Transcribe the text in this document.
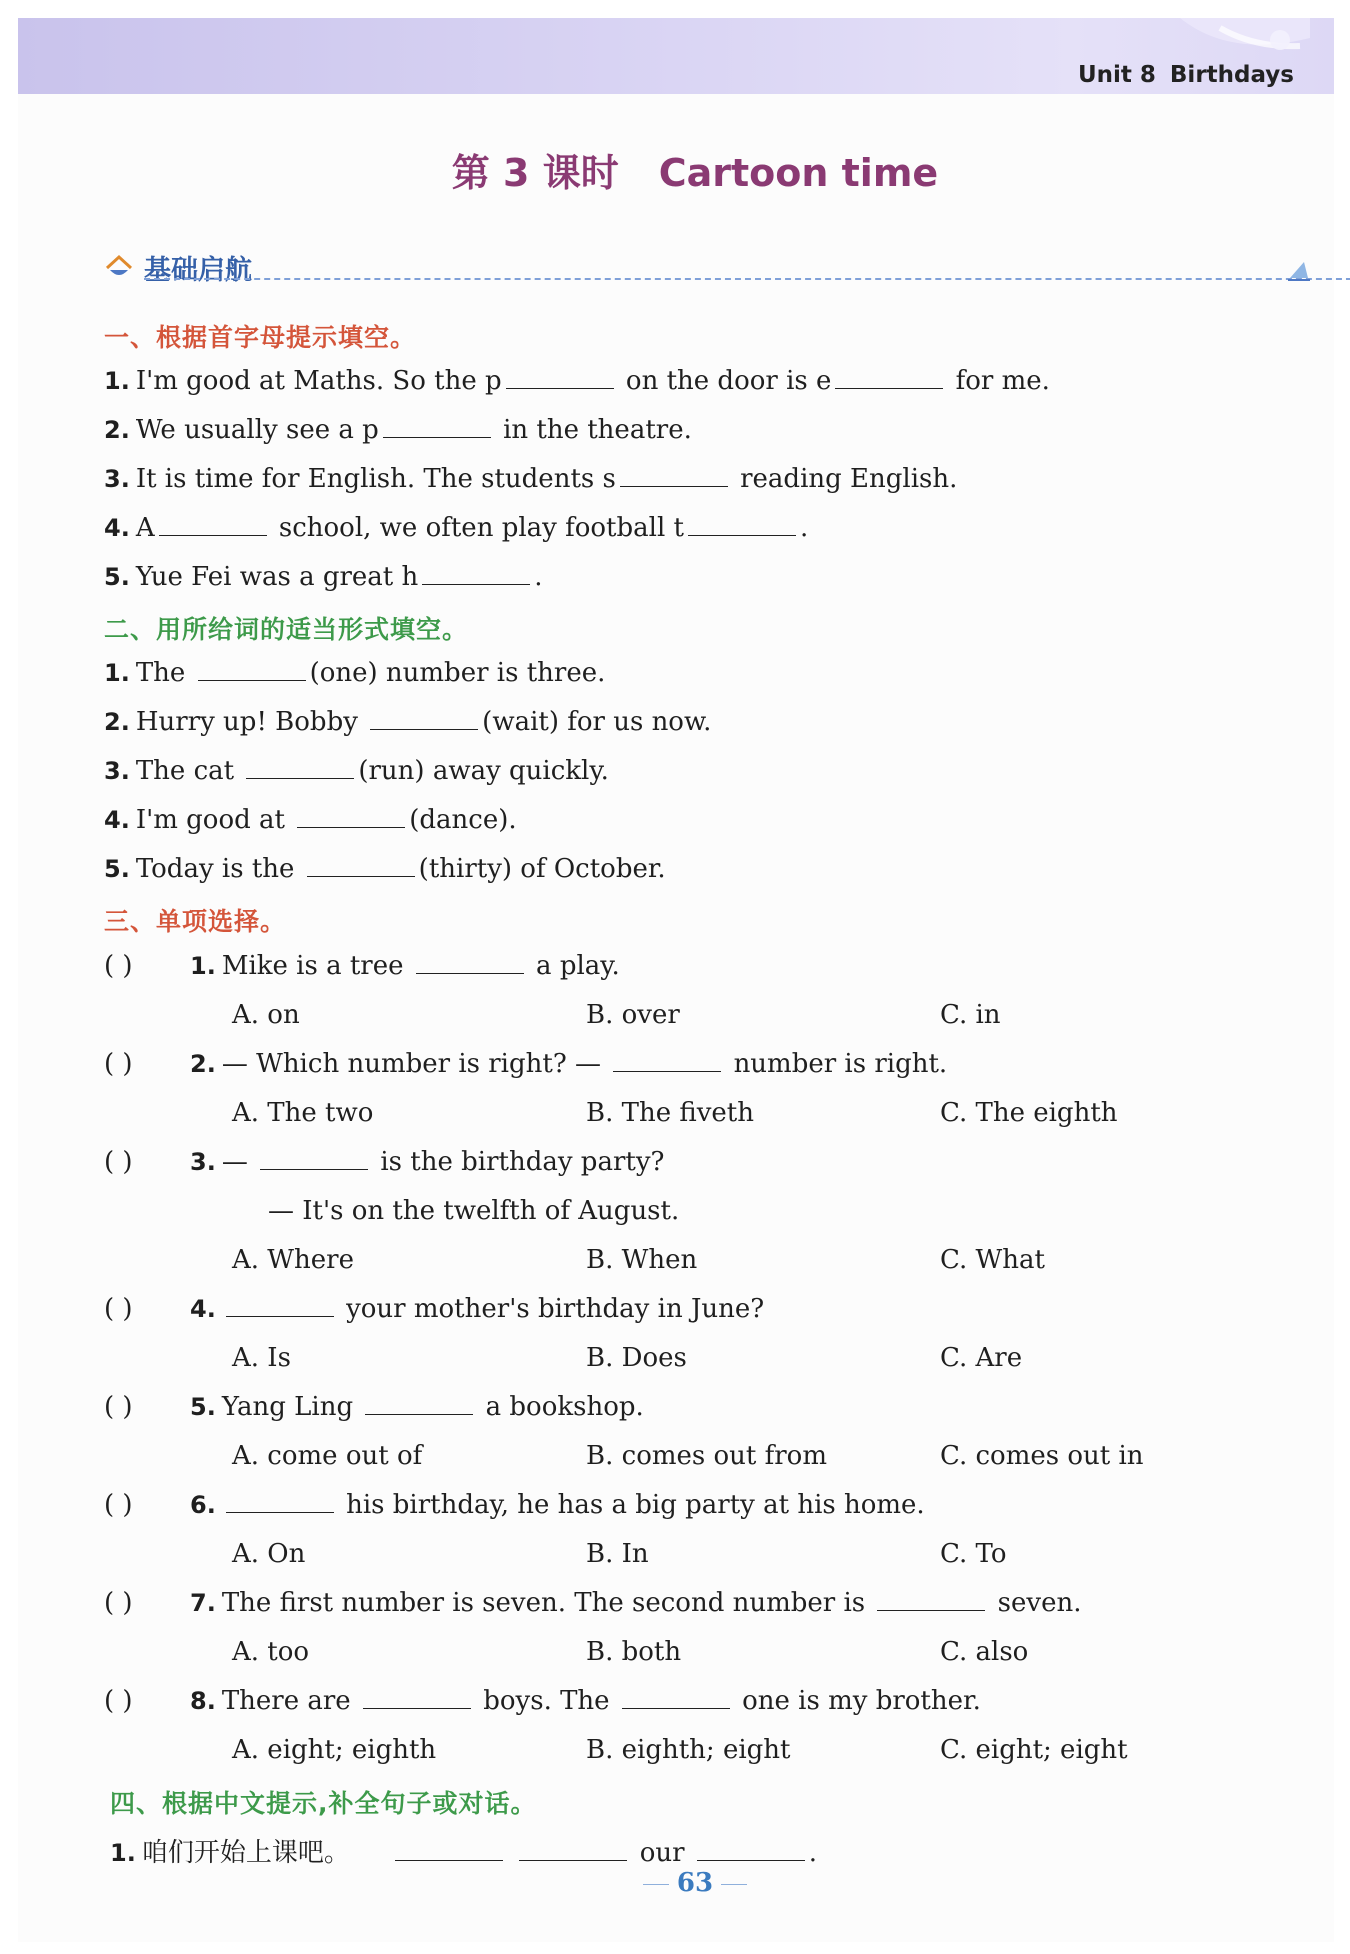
Unit 8 Birthdays
第 3 课时 Cartoon time
基础启航
一、根据首字母提示填空。
1. I'm good at Maths. So the p	on the door is e	for me.
2. We usually see a p	in the theatre.
3. It is time for English. The students s	reading English.
4. A	school, we often play football t	.
5. Yue Fei was a great h	.
二、用所给词的适当形式填空。
1. The	(one) number is three.
2. Hurry up! Bobby	(wait) for us now.
3. The cat	(run) away quickly.
4. I'm good at	(dance).
5. Today is the	(thirty) of October.
三、单项选择。
( ) 1. Mike is a tree	a play.
A. on	B. over	C. in
( ) 2. — Which number is right? —	number is right.
A. The two	B. The fiveth	C. The eighth
( ) 3. —	is the birthday party?
— It's on the twelfth of August.
A. Where	B. When	C. What
( ) 4.	your mother's birthday in June?
A. Is	B. Does	C. Are
( ) 5. Yang Ling	a bookshop.
A. come out of	B. comes out from	C. comes out in
( ) 6.	his birthday, he has a big party at his home.
A. On	B. In	C. To
( ) 7. The first number is seven. The second number is	seven.
A. too	B. both	C. also
( ) 8. There are	boys. The	one is my brother.
A. eight; eighth	B. eighth; eight	C. eight; eight
四、根据中文提示,补全句子或对话。
1. 咱们开始上课吧。	our	.
63
